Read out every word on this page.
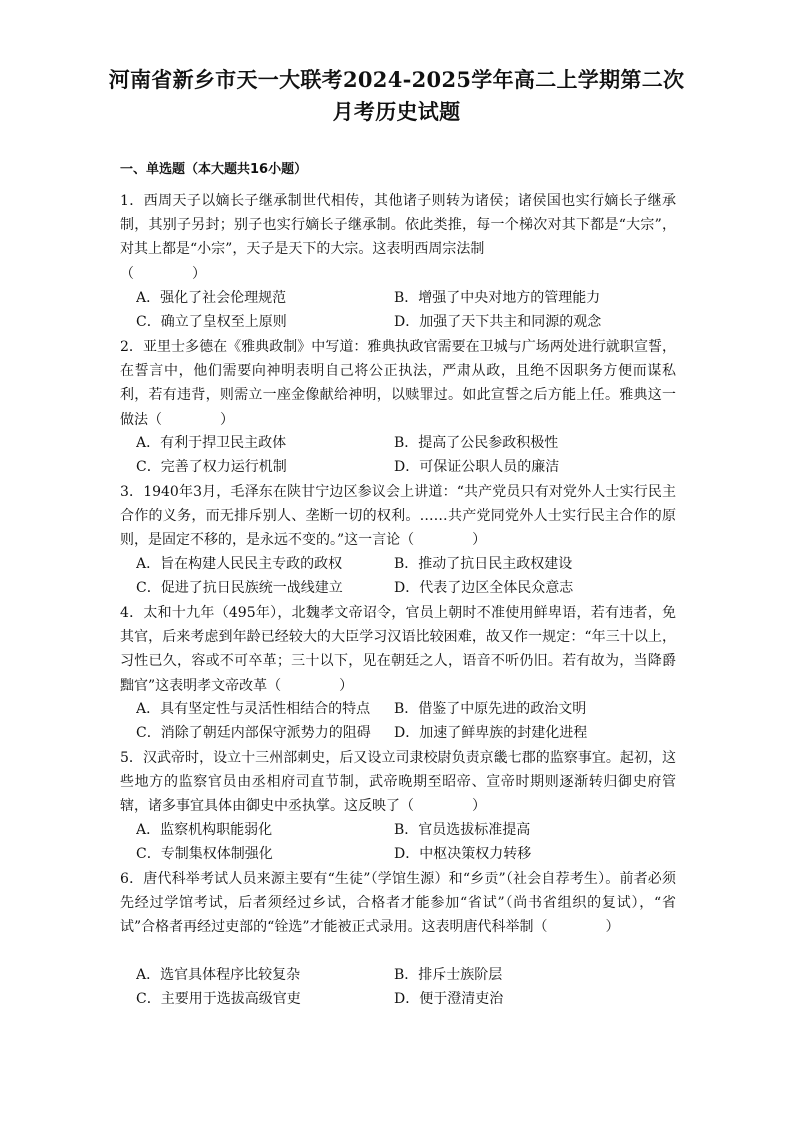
河南省新乡市天一大联考2024-2025学年高二上学期第二次月考历史试题
一、单选题（本大题共16小题）
1．西周天子以嫡长子继承制世代相传，其他诸子则转为诸侯；诸侯国也实行嫡长子继承制，其别子另封；别子也实行嫡长子继承制。依此类推，每一个梯次对其下都是“大宗”，对其上都是“小宗”，天子是天下的大宗。这表明西周宗法制
（	）
A．强化了社会伦理规范	B．增强了中央对地方的管理能力
C．确立了皇权至上原则	D．加强了天下共主和同源的观念
2．亚里士多德在《雅典政制》中写道：雅典执政官需要在卫城与广场两处进行就职宣誓，在誓言中，他们需要向神明表明自己将公正执法，严肃从政，且绝不因职务方便而谋私利，若有违背，则需立一座金像献给神明，以赎罪过。如此宣誓之后方能上任。雅典这一做法（	）
A．有利于捍卫民主政体	B．提高了公民参政积极性
C．完善了权力运行机制	D．可保证公职人员的廉洁
3．1940年3月，毛泽东在陕甘宁边区参议会上讲道：“共产党员只有对党外人士实行民主合作的义务，而无排斥别人、垄断一切的权利。……共产党同党外人士实行民主合作的原则，是固定不移的，是永远不变的。”这一言论（	）
A．旨在构建人民民主专政的政权	B．推动了抗日民主政权建设
C．促进了抗日民族统一战线建立	D．代表了边区全体民众意志
4．太和十九年（495年），北魏孝文帝诏令，官员上朝时不准使用鲜卑语，若有违者，免其官，后来考虑到年龄已经较大的大臣学习汉语比较困难，故又作一规定：“年三十以上，习性已久，容或不可卒革；三十以下，见在朝廷之人，语音不听仍旧。若有故为，当降爵黜官”这表明孝文帝改革（	）
A．具有坚定性与灵活性相结合的特点	B．借鉴了中原先进的政治文明
C．消除了朝廷内部保守派势力的阻碍	D．加速了鲜卑族的封建化进程
5．汉武帝时，设立十三州部刺史，后又设立司隶校尉负责京畿七郡的监察事宜。起初，这些地方的监察官员由丞相府司直节制，武帝晚期至昭帝、宣帝时期则逐渐转归御史府管辖，诸多事宜具体由御史中丞执掌。这反映了（	）
A．监察机构职能弱化	B．官员选拔标准提高
C．专制集权体制强化	D．中枢决策权力转移
6．唐代科举考试人员来源主要有“生徒”（学馆生源）和“乡贡”（社会自荐考生）。前者必须先经过学馆考试，后者须经过乡试，合格者才能参加“省试”（尚书省组织的复试），“省试”合格者再经过吏部的“铨选”才能被正式录用。这表明唐代科举制（	）
A．选官具体程序比较复杂	B．排斥士族阶层
C．主要用于选拔高级官吏	D．便于澄清吏治
